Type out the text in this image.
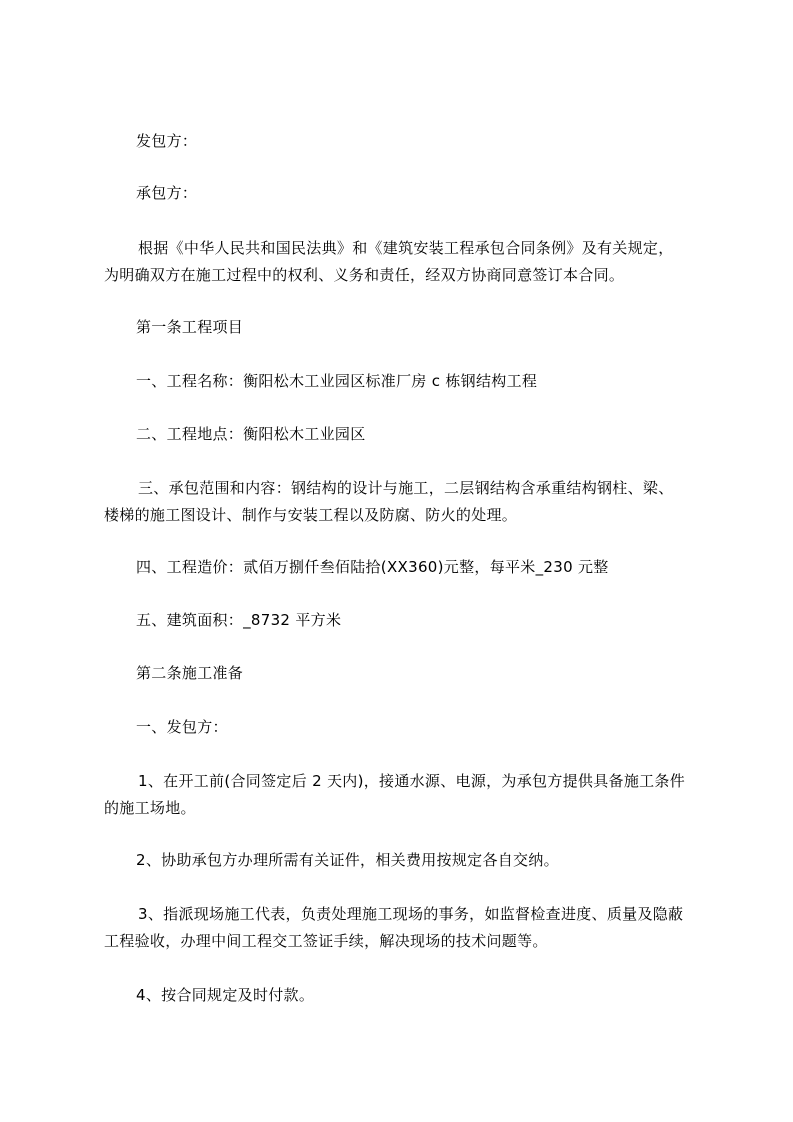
发包方：
承包方：
根据《中华人民共和国民法典》和《建筑安装工程承包合同条例》及有关规定，
为明确双方在施工过程中的权利、义务和责任，经双方协商同意签订本合同。
第一条工程项目
一、工程名称：衡阳松木工业园区标准厂房 c 栋钢结构工程
二、工程地点：衡阳松木工业园区
三、承包范围和内容：钢结构的设计与施工，二层钢结构含承重结构钢柱、梁、
楼梯的施工图设计、制作与安装工程以及防腐、防火的处理。
四、工程造价：贰佰万捌仟叁佰陆拾(XX360)元整，每平米_230 元整
五、建筑面积：_8732 平方米
第二条施工准备
一、发包方：
1、在开工前(合同签定后 2 天内)，接通水源、电源，为承包方提供具备施工条件
的施工场地。
2、协助承包方办理所需有关证件，相关费用按规定各自交纳。
3、指派现场施工代表，负责处理施工现场的事务，如监督检查进度、质量及隐蔽
工程验收，办理中间工程交工签证手续，解决现场的技术问题等。
4、按合同规定及时付款。
